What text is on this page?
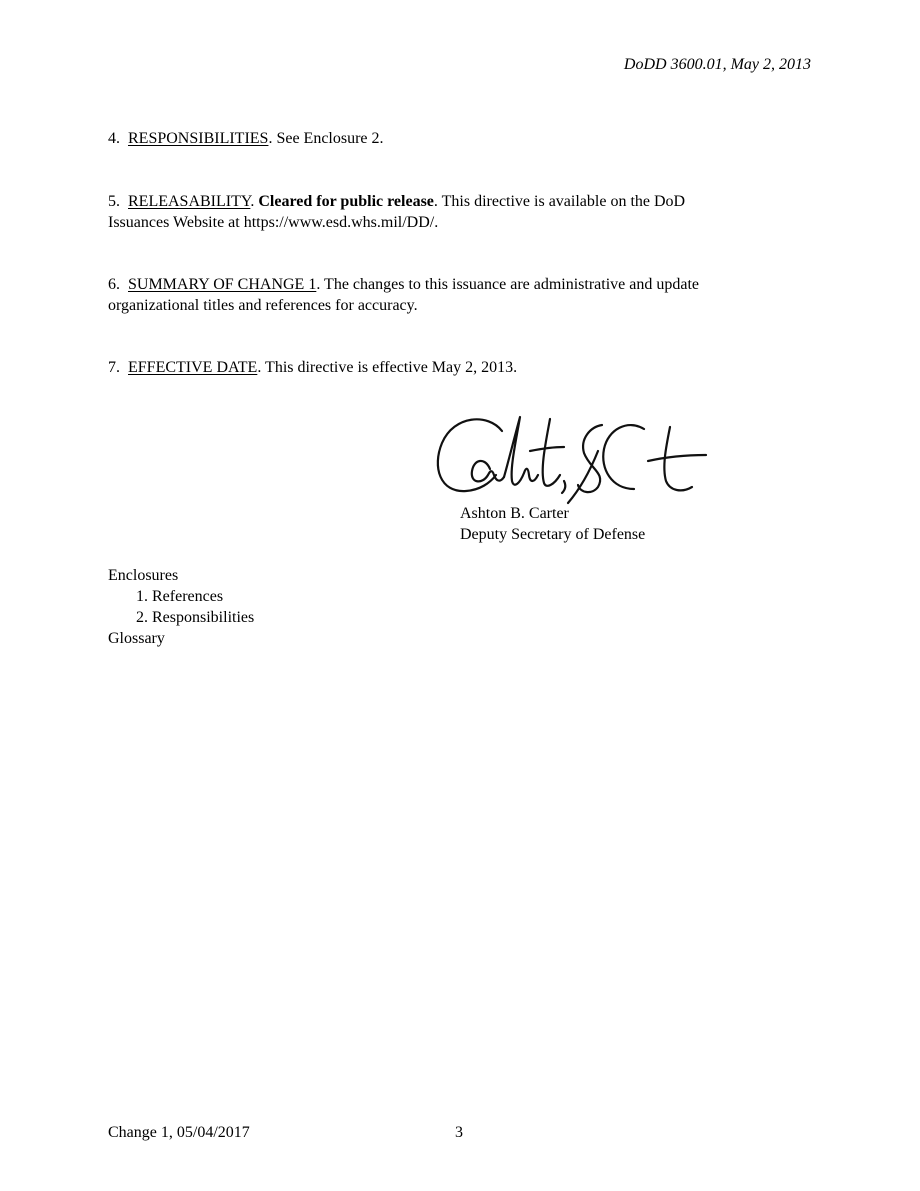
DoDD 3600.01, May 2, 2013
4. RESPONSIBILITIES. See Enclosure 2.
5. RELEASABILITY. Cleared for public release. This directive is available on the DoD
Issuances Website at https://www.esd.whs.mil/DD/.
6. SUMMARY OF CHANGE 1. The changes to this issuance are administrative and update
organizational titles and references for accuracy.
7. EFFECTIVE DATE. This directive is effective May 2, 2013.
Ashton B. Carter
Deputy Secretary of Defense
Enclosures
1. References
2. Responsibilities
Glossary
Change 1, 05/04/2017	3
